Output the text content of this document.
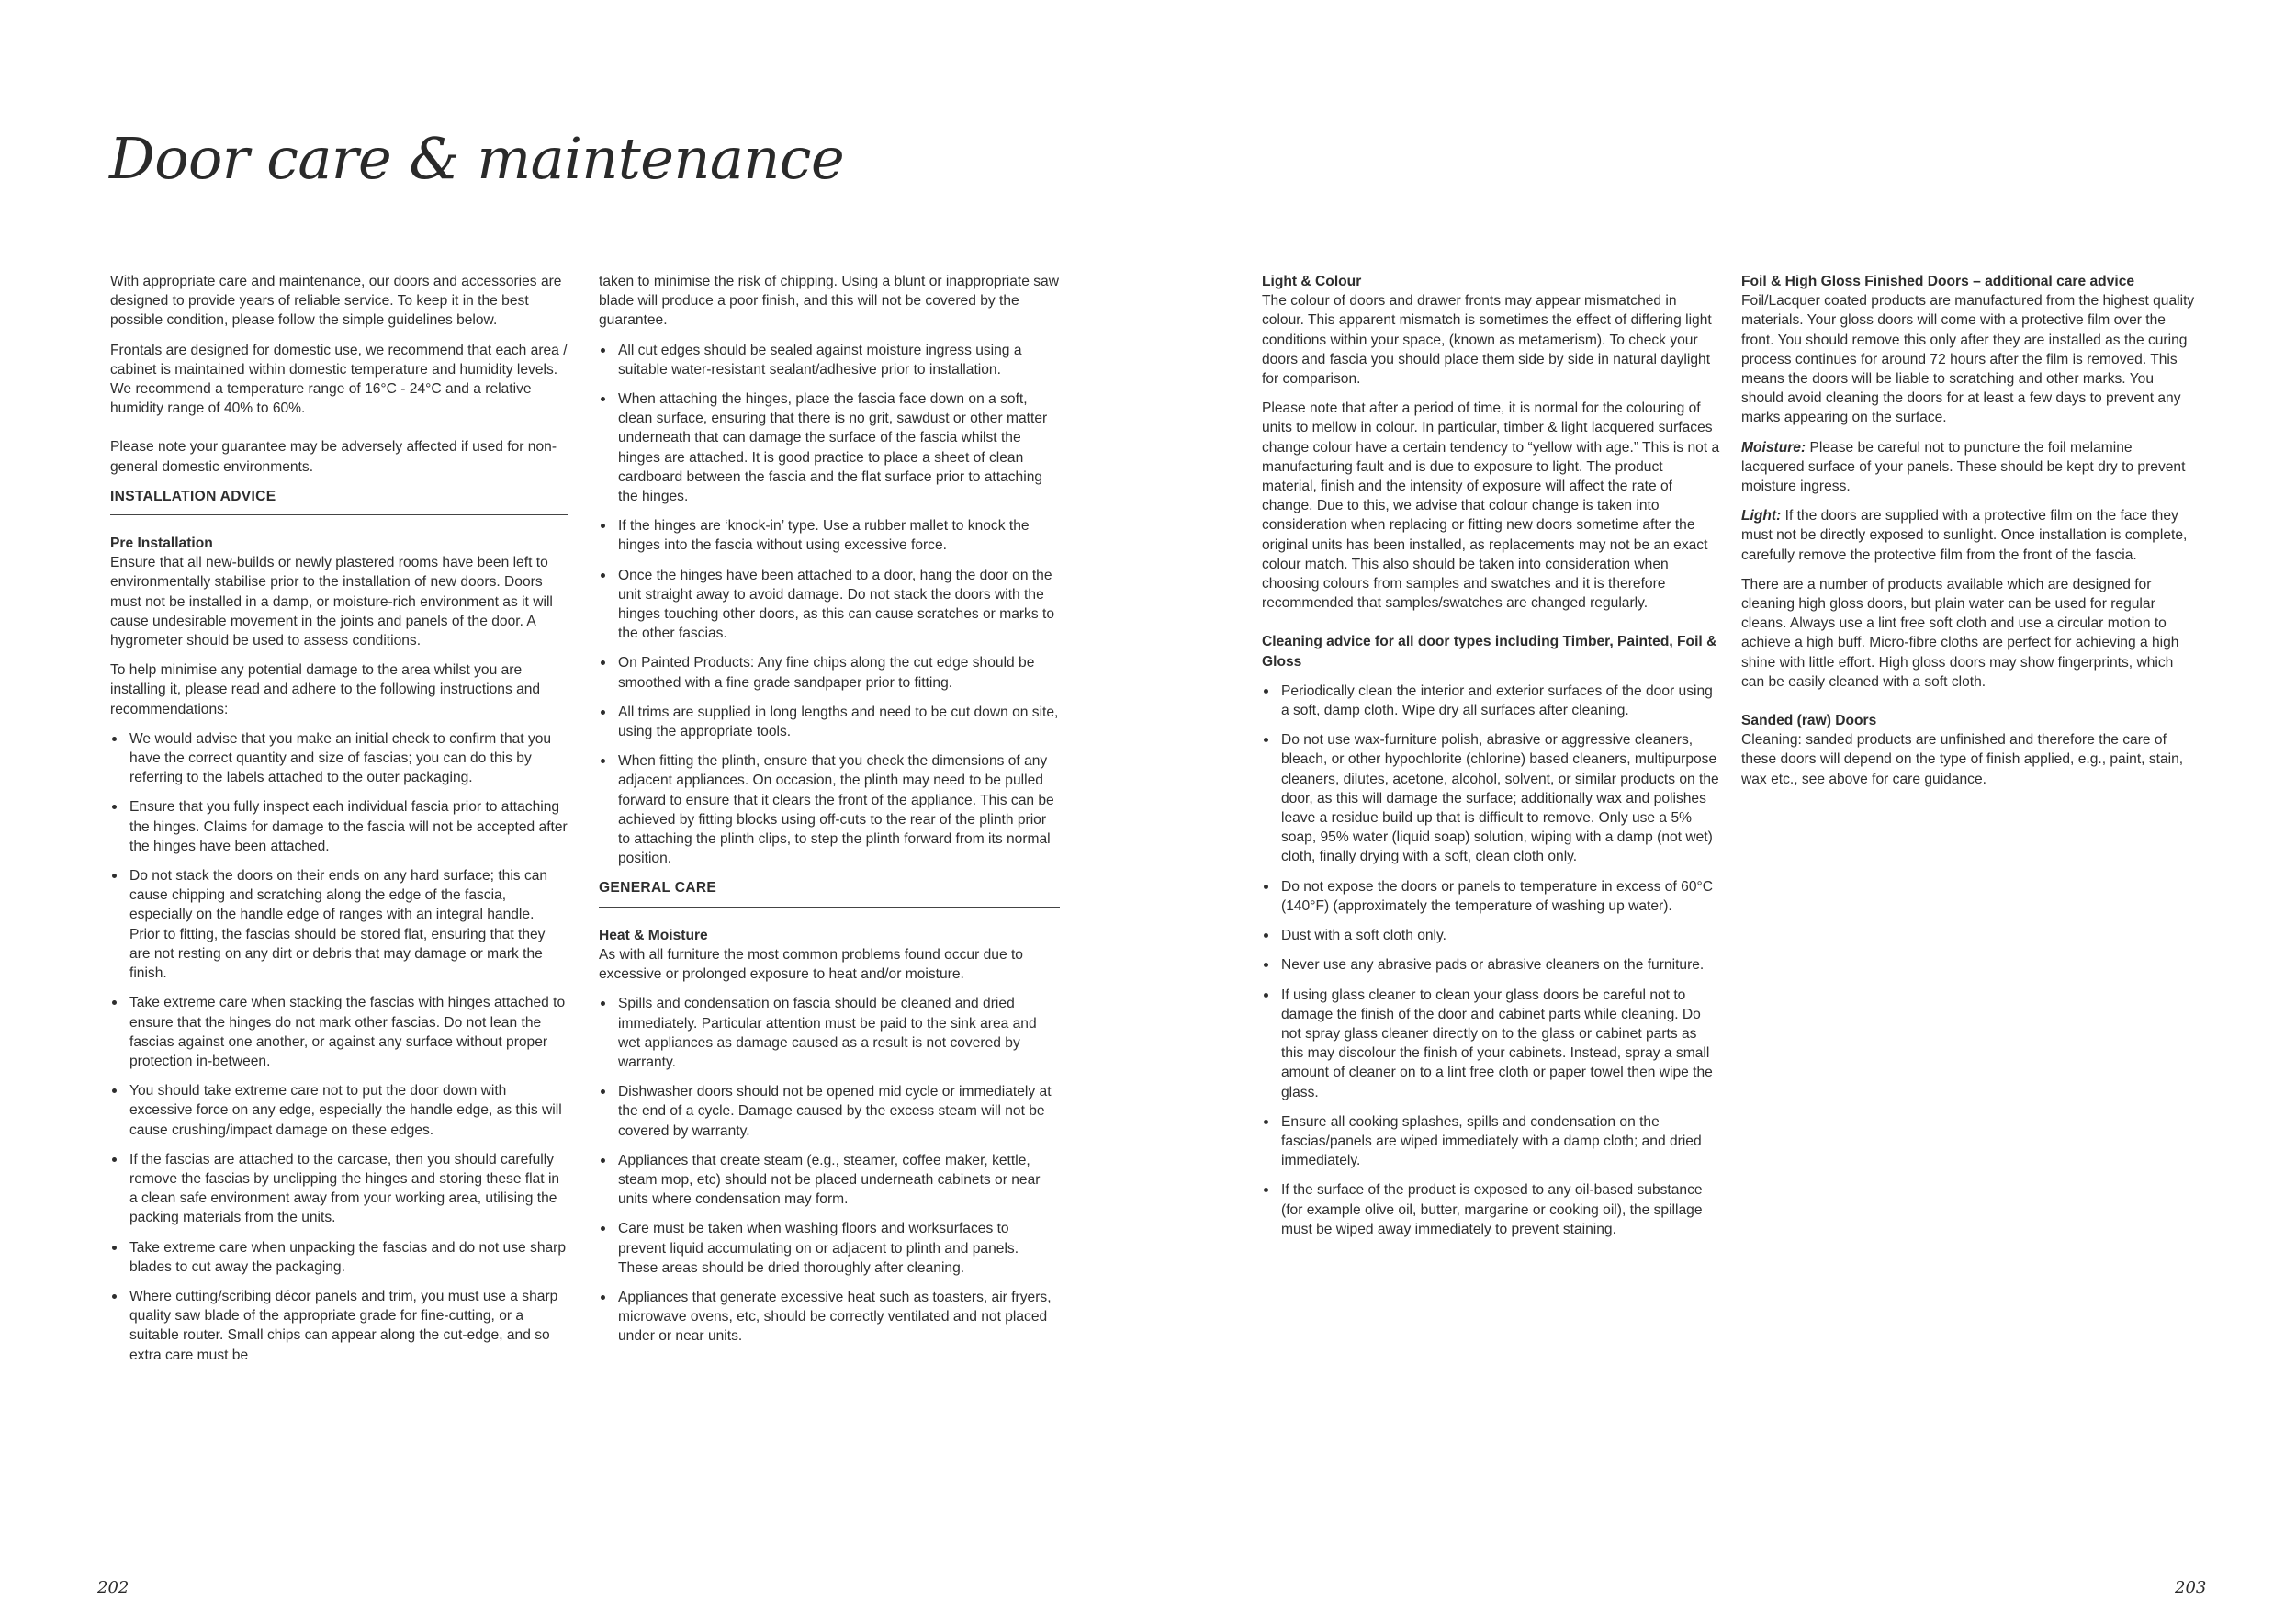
Door care & maintenance

With appropriate care and maintenance, our doors and accessories are designed to provide years of reliable service. To keep it in the best possible condition, please follow the simple guidelines below.

Frontals are designed for domestic use, we recommend that each area / cabinet is maintained within domestic temperature and humidity levels. We recommend a temperature range of 16°C - 24°C and a relative humidity range of 40% to 60%.

Please note your guarantee may be adversely affected if used for non-general domestic environments.

INSTALLATION ADVICE
Pre Installation
Ensure that all new-builds or newly plastered rooms have been left to environmentally stabilise prior to the installation of new doors. Doors must not be installed in a damp, or moisture-rich environment as it will cause undesirable movement in the joints and panels of the door. A hygrometer should be used to assess conditions.

To help minimise any potential damage to the area whilst you are installing it, please read and adhere to the following instructions and recommendations:

We would advise that you make an initial check to confirm that you have the correct quantity and size of fascias; you can do this by referring to the labels attached to the outer packaging.
Ensure that you fully inspect each individual fascia prior to attaching the hinges. Claims for damage to the fascia will not be accepted after the hinges have been attached.
Do not stack the doors on their ends on any hard surface; this can cause chipping and scratching along the edge of the fascia, especially on the handle edge of ranges with an integral handle. Prior to fitting, the fascias should be stored flat, ensuring that they are not resting on any dirt or debris that may damage or mark the finish.
Take extreme care when stacking the fascias with hinges attached to ensure that the hinges do not mark other fascias. Do not lean the fascias against one another, or against any surface without proper protection in-between.
You should take extreme care not to put the door down with excessive force on any edge, especially the handle edge, as this will cause crushing/impact damage on these edges.
If the fascias are attached to the carcase, then you should carefully remove the fascias by unclipping the hinges and storing these flat in a clean safe environment away from your working area, utilising the packing materials from the units.
Take extreme care when unpacking the fascias and do not use sharp blades to cut away the packaging.
Where cutting/scribing décor panels and trim, you must use a sharp quality saw blade of the appropriate grade for fine-cutting, or a suitable router. Small chips can appear along the cut-edge, and so extra care must be

taken to minimise the risk of chipping. Using a blunt or inappropriate saw blade will produce a poor finish, and this will not be covered by the guarantee.

All cut edges should be sealed against moisture ingress using a suitable water-resistant sealant/adhesive prior to installation.
When attaching the hinges, place the fascia face down on a soft, clean surface, ensuring that there is no grit, sawdust or other matter underneath that can damage the surface of the fascia whilst the hinges are attached. It is good practice to place a sheet of clean cardboard between the fascia and the flat surface prior to attaching the hinges.
If the hinges are ‘knock-in’ type. Use a rubber mallet to knock the hinges into the fascia without using excessive force.
Once the hinges have been attached to a door, hang the door on the unit straight away to avoid damage. Do not stack the doors with the hinges touching other doors, as this can cause scratches or marks to the other fascias.
On Painted Products: Any fine chips along the cut edge should be smoothed with a fine grade sandpaper prior to fitting.
All trims are supplied in long lengths and need to be cut down on site, using the appropriate tools.
When fitting the plinth, ensure that you check the dimensions of any adjacent appliances. On occasion, the plinth may need to be pulled forward to ensure that it clears the front of the appliance. This can be achieved by fitting blocks using off-cuts to the rear of the plinth prior to attaching the plinth clips, to step the plinth forward from its normal position.
GENERAL CARE
Heat & Moisture
As with all furniture the most common problems found occur due to excessive or prolonged exposure to heat and/or moisture.
Spills and condensation on fascia should be cleaned and dried immediately. Particular attention must be paid to the sink area and wet appliances as damage caused as a result is not covered by warranty.
Dishwasher doors should not be opened mid cycle or immediately at the end of a cycle. Damage caused by the excess steam will not be covered by warranty.
Appliances that create steam (e.g., steamer, coffee maker, kettle, steam mop, etc) should not be placed underneath cabinets or near units where condensation may form.
Care must be taken when washing floors and worksurfaces to prevent liquid accumulating on or adjacent to plinth and panels. These areas should be dried thoroughly after cleaning.
Appliances that generate excessive heat such as toasters, air fryers, microwave ovens, etc, should be correctly ventilated and not placed under or near units.
Light & Colour
The colour of doors and drawer fronts may appear mismatched in colour. This apparent mismatch is sometimes the effect of differing light conditions within your space, (known as metamerism). To check your doors and fascia you should place them side by side in natural daylight for comparison.

Please note that after a period of time, it is normal for the colouring of units to mellow in colour. In particular, timber & light lacquered surfaces change colour have a certain tendency to “yellow with age.” This is not a manufacturing fault and is due to exposure to light. The product material, finish and the intensity of exposure will affect the rate of change. Due to this, we advise that colour change is taken into consideration when replacing or fitting new doors sometime after the original units has been installed, as replacements may not be an exact colour match. This also should be taken into consideration when choosing colours from samples and swatches and it is therefore recommended that samples/swatches are changed regularly.

Cleaning advice for all door types including Timber, Painted, Foil & Gloss
Periodically clean the interior and exterior surfaces of the door using a soft, damp cloth. Wipe dry all surfaces after cleaning.
Do not use wax-furniture polish, abrasive or aggressive cleaners, bleach, or other hypochlorite (chlorine) based cleaners, multipurpose cleaners, dilutes, acetone, alcohol, solvent, or similar products on the door, as this will damage the surface; additionally wax and polishes leave a residue build up that is difficult to remove. Only use a 5% soap, 95% water (liquid soap) solution, wiping with a damp (not wet) cloth, finally drying with a soft, clean cloth only.
Do not expose the doors or panels to temperature in excess of 60°C (140°F) (approximately the temperature of washing up water).
Dust with a soft cloth only.
Never use any abrasive pads or abrasive cleaners on the furniture.
If using glass cleaner to clean your glass doors be careful not to damage the finish of the door and cabinet parts while cleaning. Do not spray glass cleaner directly on to the glass or cabinet parts as this may discolour the finish of your cabinets. Instead, spray a small amount of cleaner on to a lint free cloth or paper towel then wipe the glass.
Ensure all cooking splashes, spills and condensation on the fascias/panels are wiped immediately with a damp cloth; and dried immediately.
If the surface of the product is exposed to any oil-based substance (for example olive oil, butter, margarine or cooking oil), the spillage must be wiped away immediately to prevent staining.
Foil & High Gloss Finished Doors – additional care advice
Foil/Lacquer coated products are manufactured from the highest quality materials. Your gloss doors will come with a protective film over the front. You should remove this only after they are installed as the curing process continues for around 72 hours after the film is removed. This means the doors will be liable to scratching and other marks. You should avoid cleaning the doors for at least a few days to prevent any marks appearing on the surface.

Moisture: Please be careful not to puncture the foil melamine lacquered surface of your panels. These should be kept dry to prevent moisture ingress.

Light: If the doors are supplied with a protective film on the face they must not be directly exposed to sunlight. Once installation is complete, carefully remove the protective film from the front of the fascia.

There are a number of products available which are designed for cleaning high gloss doors, but plain water can be used for regular cleans. Always use a lint free soft cloth and use a circular motion to achieve a high buff. Micro-fibre cloths are perfect for achieving a high shine with little effort. High gloss doors may show fingerprints, which can be easily cleaned with a soft cloth.

Sanded (raw) Doors
Cleaning: sanded products are unfinished and therefore the care of these doors will depend on the type of finish applied, e.g., paint, stain, wax etc., see above for care guidance.

202	203
